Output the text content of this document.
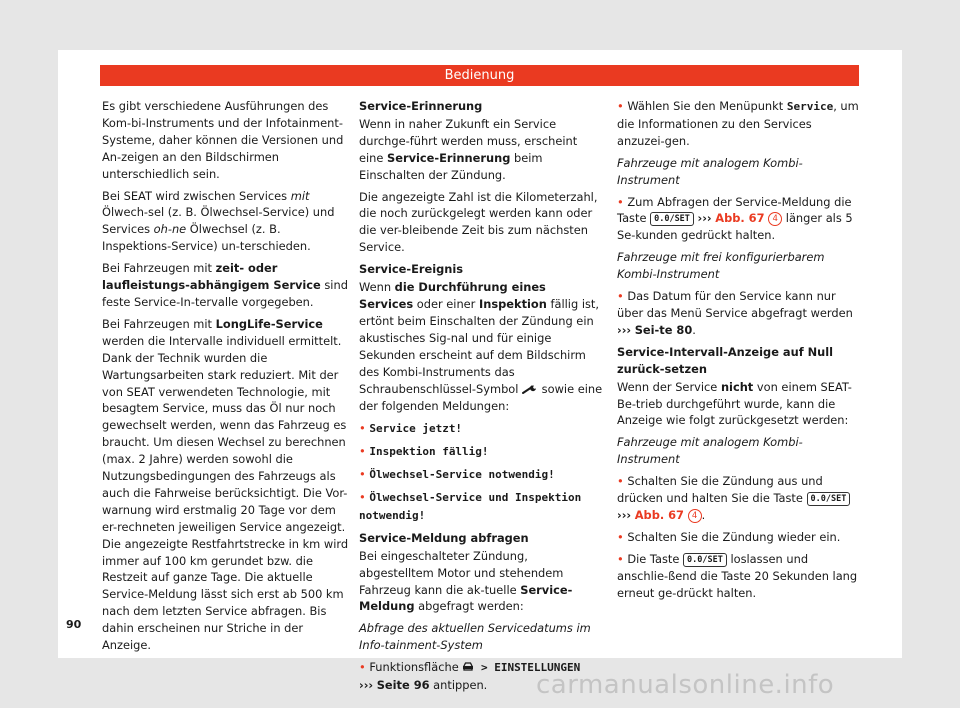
Bedienung

Es gibt verschiedene Ausführungen des Kom-bi-Instruments und der Infotainment-Systeme, daher können die Versionen und An-zeigen an den Bildschirmen unterschiedlich sein.

Bei SEAT wird zwischen Services mit Ölwech-sel (z. B. Ölwechsel-Service) und Services oh-ne Ölwechsel (z. B. Inspektions-Service) un-terschieden.

Bei Fahrzeugen mit zeit- oder laufleistungs-abhängigem Service sind feste Service-In-tervalle vorgegeben.

Bei Fahrzeugen mit LongLife-Service werden die Intervalle individuell ermittelt. Dank der Technik wurden die Wartungsarbeiten stark reduziert. Mit der von SEAT verwendeten Technologie, mit besagtem Service, muss das Öl nur noch gewechselt werden, wenn das Fahrzeug es braucht. Um diesen Wechsel zu berechnen (max. 2 Jahre) werden sowohl die Nutzungsbedingungen des Fahrzeugs als auch die Fahrweise berücksichtigt. Die Vor-warnung wird erstmalig 20 Tage vor dem er-rechneten jeweiligen Service angezeigt. Die angezeigte Restfahrtstrecke in km wird immer auf 100 km gerundet bzw. die Restzeit auf ganze Tage. Die aktuelle Service-Meldung lässt sich erst ab 500 km nach dem letzten Service abfragen. Bis dahin erscheinen nur Striche in der Anzeige.

Service-Erinnerung

Wenn in naher Zukunft ein Service durchge-führt werden muss, erscheint eine Service-Erinnerung beim Einschalten der Zündung.

Die angezeigte Zahl ist die Kilometerzahl, die noch zurückgelegt werden kann oder die ver-bleibende Zeit bis zum nächsten Service.

Service-Ereignis

Wenn die Durchführung eines Services oder einer Inspektion fällig ist, ertönt beim Einschalten der Zündung ein akustisches Sig-nal und für einige Sekunden erscheint auf dem Bildschirm des Kombi-Instruments das Schraubenschlüssel-Symbol  sowie eine der folgenden Meldungen:

• Service jetzt!

• Inspektion fällig!

• Ölwechsel-Service notwendig!

• Ölwechsel-Service und Inspektion notwendig!

Service-Meldung abfragen

Bei eingeschalteter Zündung, abgestelltem Motor und stehendem Fahrzeug kann die ak-tuelle Service-Meldung abgefragt werden:

Abfrage des aktuellen Servicedatums im Info-tainment-System

• Funktionsfläche  > EINSTELLUNGEN
››› Seite 96 antippen.

• Wählen Sie den Menüpunkt Service, um die Informationen zu den Services anzuzei-gen.

Fahrzeuge mit analogem Kombi-Instrument

• Zum Abfragen der Service-Meldung die Taste 0.0/SET ››› Abb. 67 4 länger als 5 Se-kunden gedrückt halten.

Fahrzeuge mit frei konfigurierbarem Kombi-Instrument

• Das Datum für den Service kann nur über das Menü Service abgefragt werden ››› Sei-te 80.

Service-Intervall-Anzeige auf Null zurück-setzen

Wenn der Service nicht von einem SEAT-Be-trieb durchgeführt wurde, kann die Anzeige wie folgt zurückgesetzt werden:

Fahrzeuge mit analogem Kombi-Instrument

• Schalten Sie die Zündung aus und drücken und halten Sie die Taste 0.0/SET ››› Abb. 67 4 .

• Schalten Sie die Zündung wieder ein.

• Die Taste 0.0/SET loslassen und anschlie-ßend die Taste 20 Sekunden lang erneut ge-drückt halten.

90
carmanualsonline.info
